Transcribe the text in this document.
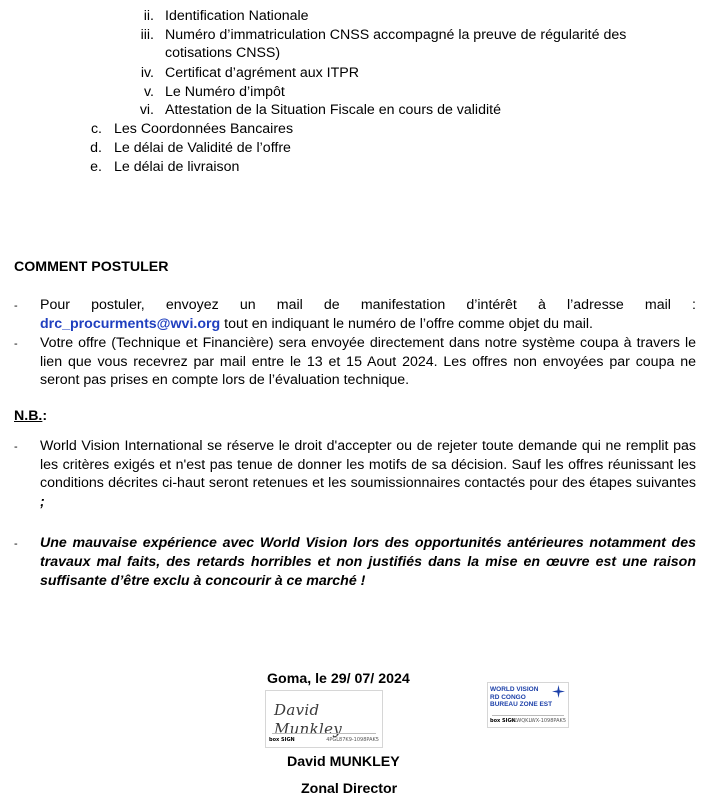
ii. Identification Nationale
iii. Numéro d’immatriculation CNSS accompagné la preuve de régularité des
cotisations CNSS)
iv. Certificat d’agrément aux ITPR
v. Le Numéro d’impôt
vi. Attestation de la Situation Fiscale en cours de validité
c. Les Coordonnées Bancaires
d. Le délai de Validité de l’offre
e. Le délai de livraison
COMMENT POSTULER
- Pour postuler, envoyez un mail de manifestation d’intérêt à l’adresse mail :
drc_procurments@wvi.org tout en indiquant le numéro de l’offre comme objet du mail.
- Votre offre (Technique et Financière) sera envoyée directement dans notre système coupa à travers le lien que vous recevrez par mail entre le 13 et 15 Aout 2024. Les offres non envoyées par coupa ne seront pas prises en compte lors de l’évaluation technique.
N.B.:
- World Vision International se réserve le droit d'accepter ou de rejeter toute demande qui ne remplit pas les critères exigés et n'est pas tenue de donner les motifs de sa décision. Sauf les offres réunissant les conditions décrites ci-haut seront retenues et les soumissionnaires contactés pour des étapes suivantes ;
- Une mauvaise expérience avec World Vision lors des opportunités antérieures notamment des travaux mal faits, des retards horribles et non justifiés dans la mise en œuvre est une raison suffisante d’être exclu à concourir à ce marché !
Goma, le 29/ 07/ 2024
David Munkley
box SIGN	4PGL87K9-1098PAK5
WORLD VISION
RD CONGO
BUREAU ZONE EST
box SIGN
4LWQKLWX-1098PAK5
David MUNKLEY
Zonal Director
